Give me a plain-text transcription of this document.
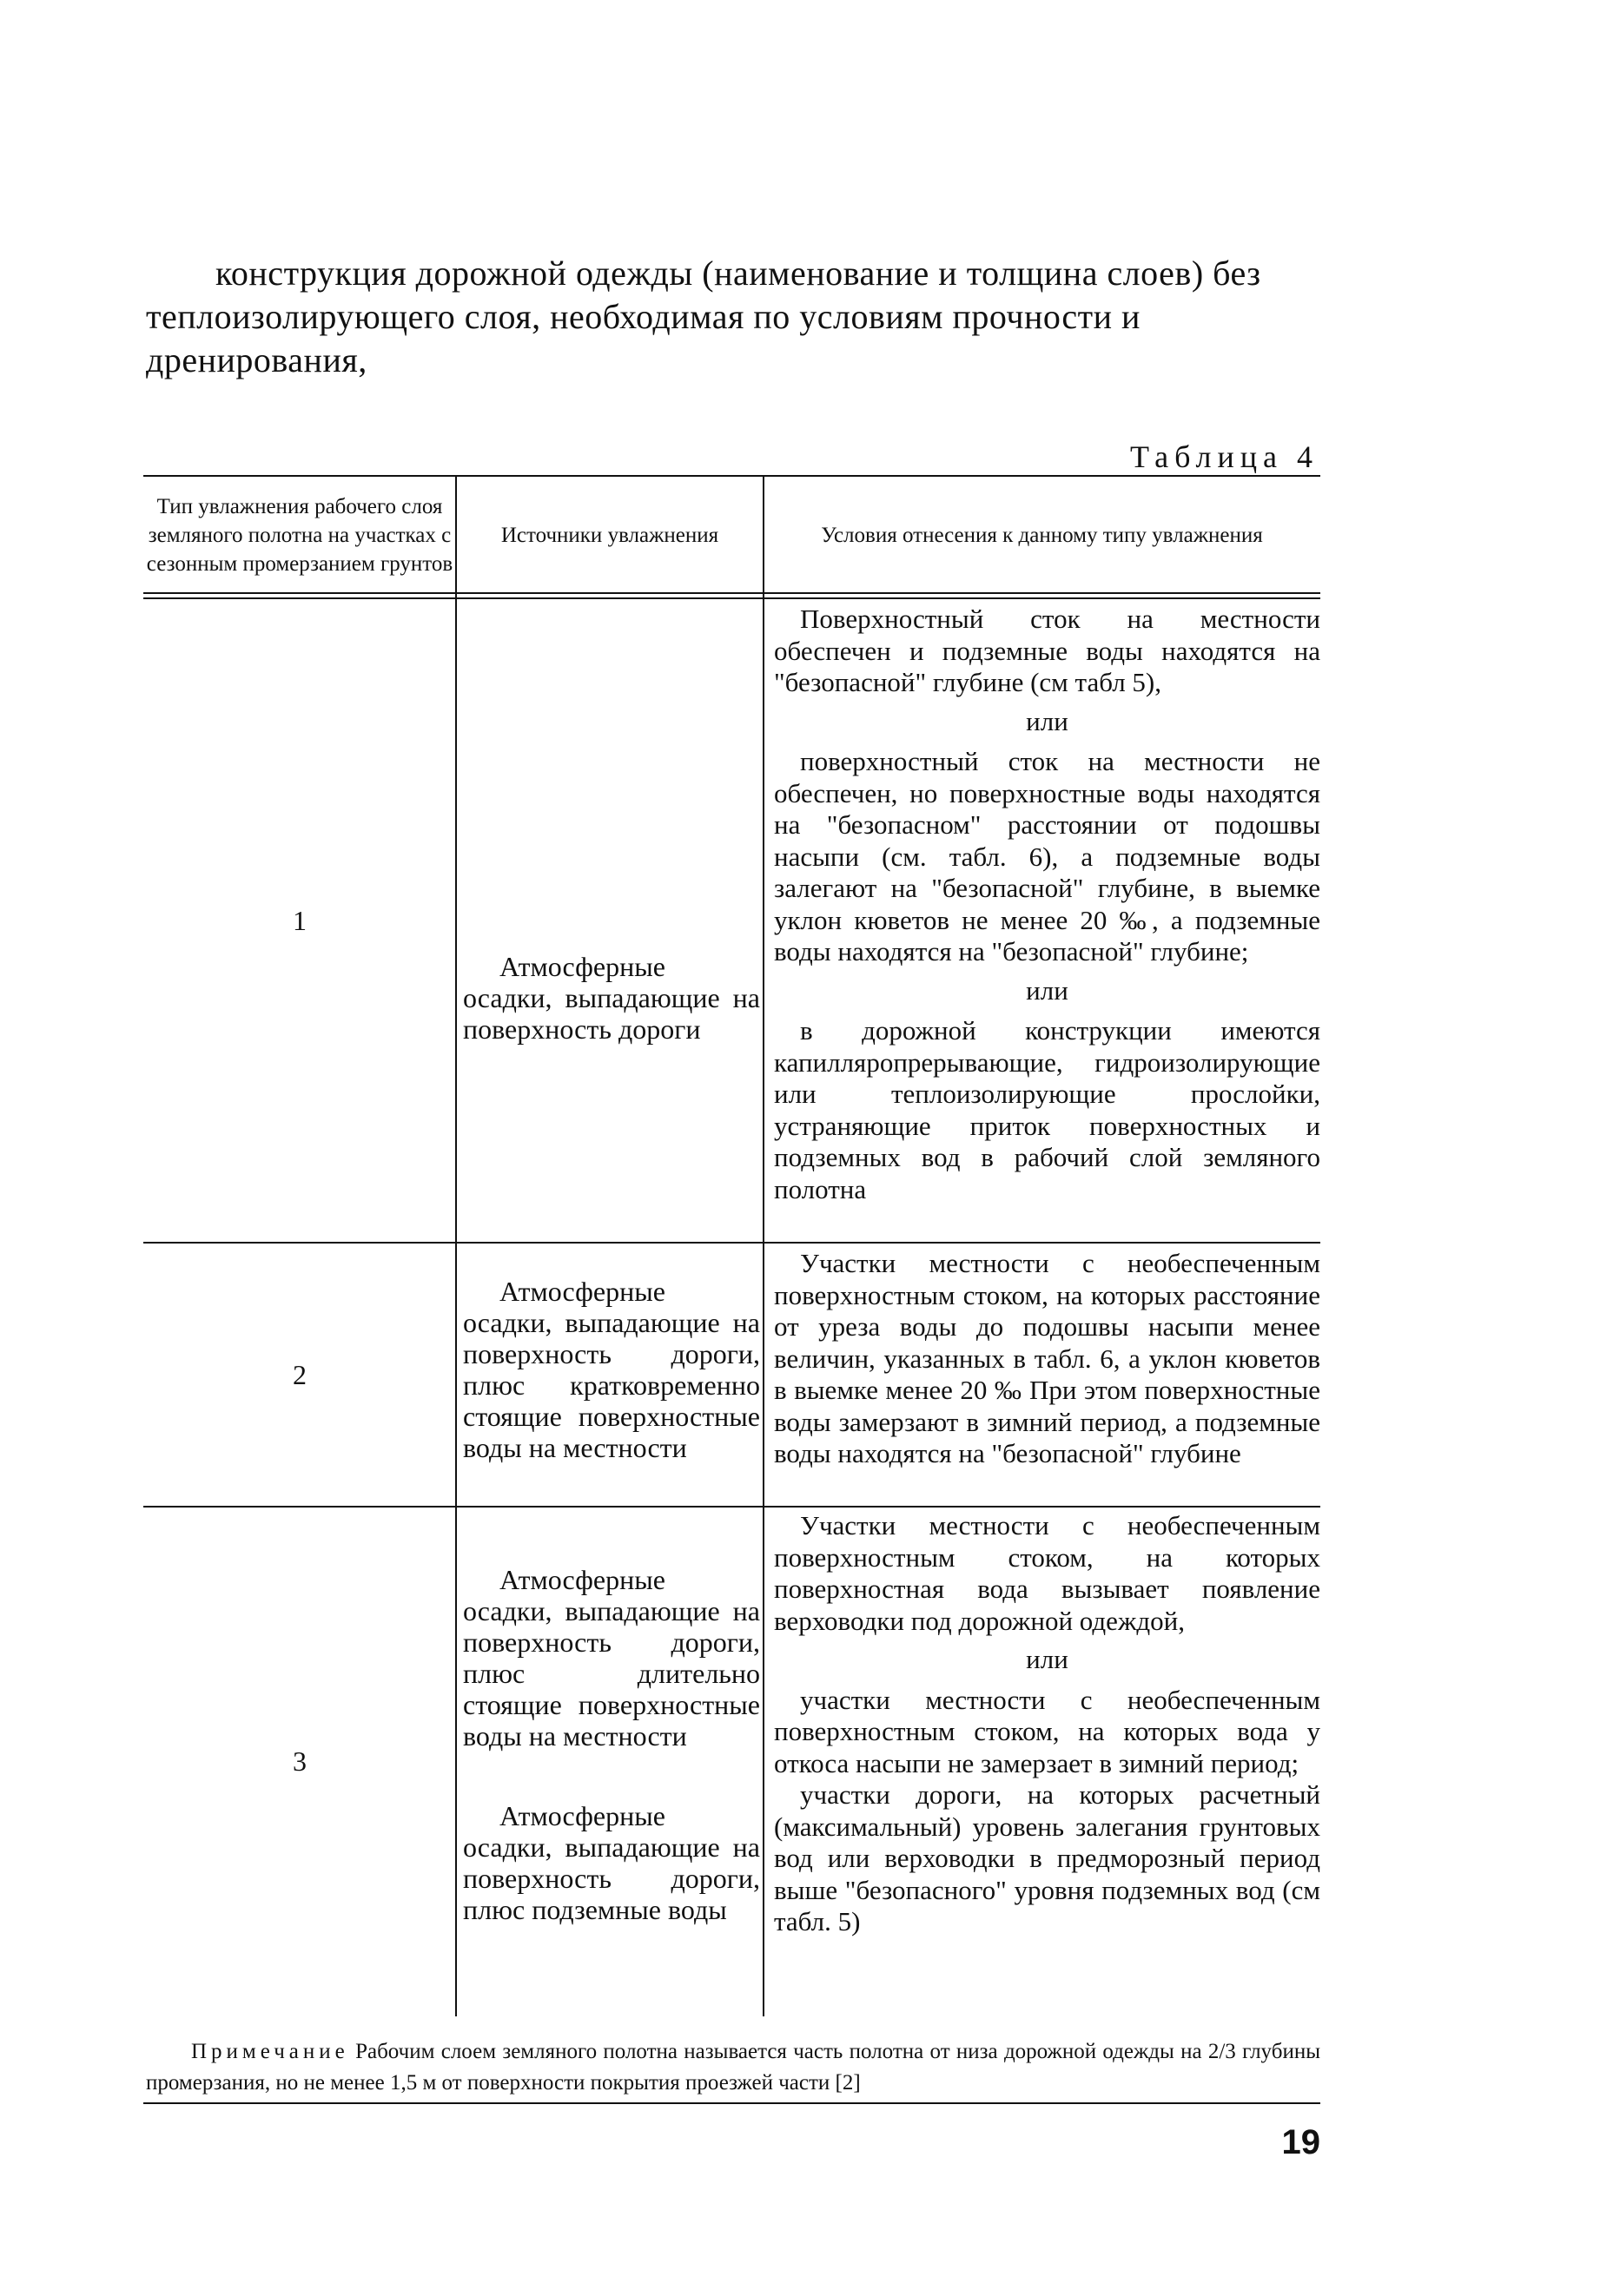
конструкция дорожной одежды (наименование и толщина слоев) без
теплоизолирующего слоя, необходимая по условиям прочности и дренирования,

Таблица 4
Тип увлажнения рабочего слоя земляного полотна на участках с сезонным промерзанием грунтов
Источники увлажнения	Условия отнесения к данному типу увлажнения
1

Атмосферные осадки, выпадающие на поверхность дороги

Поверхностный сток на местности обеспечен и подземные воды находятся на "безопасной" глубине (см табл 5),

или

поверхностный сток на местности не обеспечен, но поверхностные воды находятся на "безопасном" расстоянии от подошвы насыпи (см. табл. 6), а подземные воды залегают на "безопасной" глубине, в выемке уклон кюветов не менее 20 ‰, а подземные воды находятся на "безопасной" глубине;

или

в дорожной конструкции имеются капилляропрерывающие, гидроизолирующие или теплоизолирующие прослойки, устраняющие приток поверхностных и подземных вод в рабочий слой земляного полотна

2

Атмосферные осадки, выпадающие на поверхность дороги, плюс кратковременно стоящие поверхностные воды на местности

Участки местности с необеспеченным поверхностным стоком, на которых расстояние от уреза воды до подошвы насыпи менее величин, указанных в табл. 6, а уклон кюветов в выемке менее 20 ‰ При этом поверхностные воды замерзают в зимний период, а подземные воды находятся на "безопасной" глубине

3

Атмосферные осадки, выпадающие на поверхность дороги, плюс длительно стоящие поверхностные воды на местности

Атмосферные осадки, выпадающие на поверхность дороги, плюс подземные воды

Участки местности с необеспеченным поверхностным стоком, на которых поверхностная вода вызывает появление верховодки под дорожной одеждой,

или

участки местности с необеспеченным поверхностным стоком, на которых вода у откоса насыпи не замерзает в зимний период;

участки дороги, на которых расчетный (максимальный) уровень залегания грунтовых вод или верховодки в предморозный период выше "безопасного" уровня подземных вод (см табл. 5)

Примечание Рабочим слоем земляного полотна называется часть полотна от низа дорожной одежды на 2/3 глубины промерзания, но не менее 1,5 м от поверхности покрытия проезжей части [2]

19
